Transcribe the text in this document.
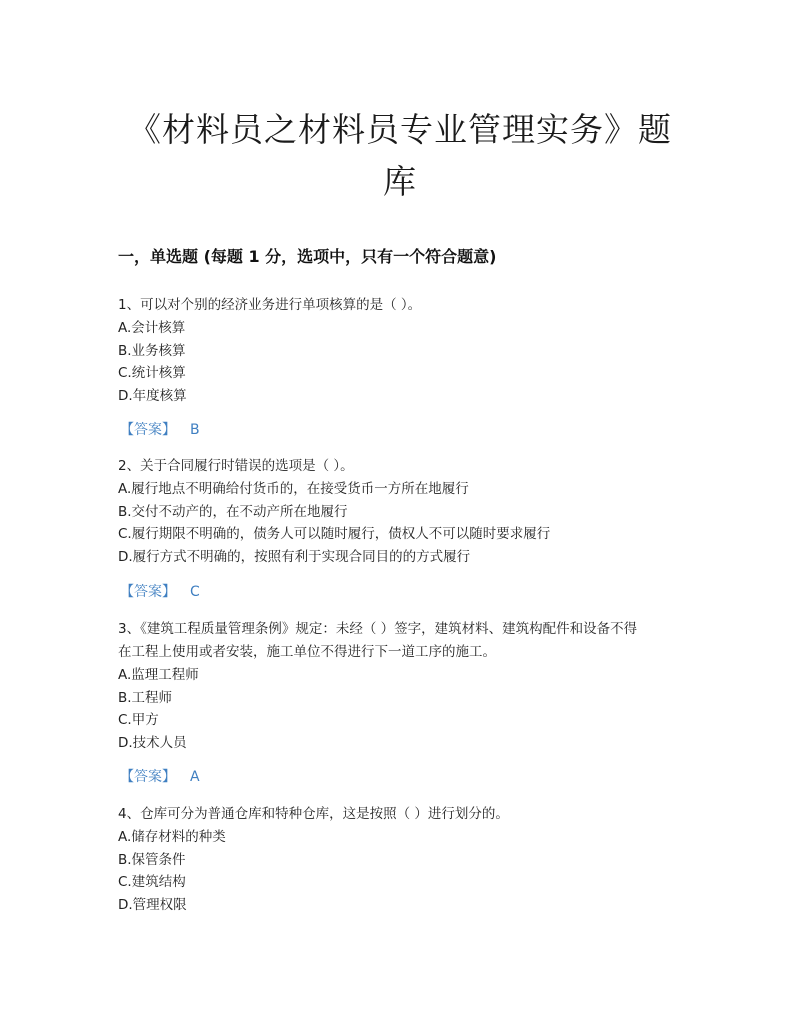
《材料员之材料员专业管理实务》题
库
一，单选题 (每题 1 分，选项中，只有一个符合题意)
1、可以对个别的经济业务进行单项核算的是（ ）。
A.会计核算
B.业务核算
C.统计核算
D.年度核算
【答案】 B
2、关于合同履行时错误的选项是（ ）。
A.履行地点不明确给付货币的，在接受货币一方所在地履行
B.交付不动产的，在不动产所在地履行
C.履行期限不明确的，债务人可以随时履行，债权人不可以随时要求履行
D.履行方式不明确的，按照有利于实现合同目的的方式履行
【答案】 C
3、《建筑工程质量管理条例》规定：未经（ ）签字，建筑材料、建筑构配件和设备不得
在工程上使用或者安装，施工单位不得进行下一道工序的施工。
A.监理工程师
B.工程师
C.甲方
D.技术人员
【答案】 A
4、仓库可分为普通仓库和特种仓库，这是按照（ ）进行划分的。
A.储存材料的种类
B.保管条件
C.建筑结构
D.管理权限
